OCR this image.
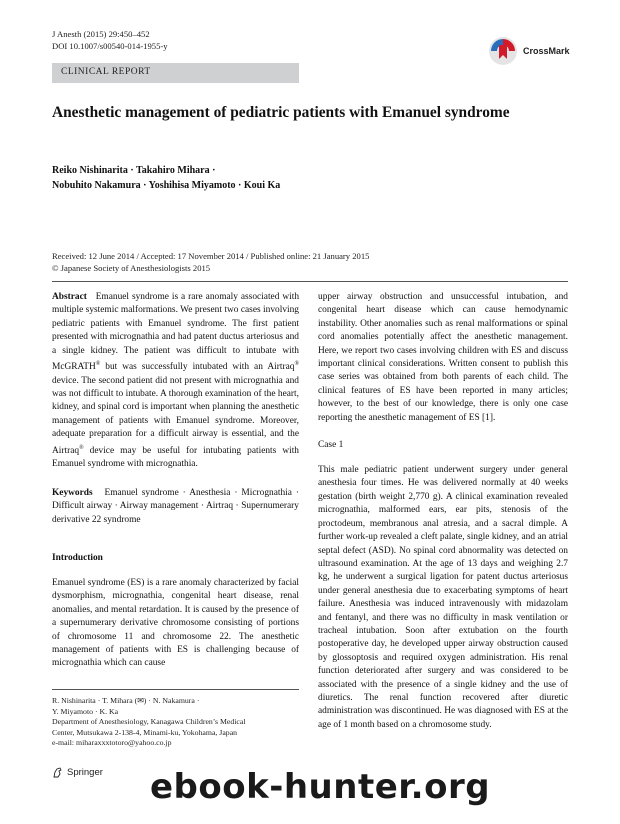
J Anesth (2015) 29:450–452
DOI 10.1007/s00540-014-1955-y	CrossMark
CLINICAL REPORT
Anesthetic management of pediatric patients with Emanuel syndrome
Reiko Nishinarita · Takahiro Mihara ·
Nobuhito Nakamura · Yoshihisa Miyamoto · Koui Ka
Received: 12 June 2014 / Accepted: 17 November 2014 / Published online: 21 January 2015
© Japanese Society of Anesthesiologists 2015

Abstract Emanuel syndrome is a rare anomaly associated with multiple systemic malformations. We present two cases involving pediatric patients with Emanuel syndrome. The first patient presented with micrognathia and had patent ductus arteriosus and a single kidney. The patient was difficult to intubate with McGRATH® but was successfully intubated with an Airtraq® device. The second patient did not present with micrognathia and was not difficult to intubate. A thorough examination of the heart, kidney, and spinal cord is important when planning the anesthetic management of patients with Emanuel syndrome. Moreover, adequate preparation for a difficult airway is essential, and the Airtraq® device may be useful for intubating patients with Emanuel syndrome with micrognathia.

Keywords Emanuel syndrome · Anesthesia · Micrognathia · Difficult airway · Airway management · Airtraq · Supernumerary derivative 22 syndrome

Introduction

Emanuel syndrome (ES) is a rare anomaly characterized by facial dysmorphism, micrognathia, congenital heart disease, renal anomalies, and mental retardation. It is caused by the presence of a supernumerary derivative chromosome consisting of portions of chromosome 11 and chromosome 22. The anesthetic management of patients with ES is challenging because of micrognathia which can cause

R. Nishinarita · T. Mihara (✉) · N. Nakamura ·
Y. Miyamoto · K. Ka
Department of Anesthesiology, Kanagawa Children’s Medical
Center, Mutsukawa 2-138-4, Minami-ku, Yokohama, Japan
e-mail: miharaxxxtotoro@yahoo.co.jp

upper airway obstruction and unsuccessful intubation, and congenital heart disease which can cause hemodynamic instability. Other anomalies such as renal malformations or spinal cord anomalies potentially affect the anesthetic management. Here, we report two cases involving children with ES and discuss important clinical considerations. Written consent to publish this case series was obtained from both parents of each child. The clinical features of ES have been reported in many articles; however, to the best of our knowledge, there is only one case reporting the anesthetic management of ES [1].

Case 1

This male pediatric patient underwent surgery under general anesthesia four times. He was delivered normally at 40 weeks gestation (birth weight 2,770 g). A clinical examination revealed micrognathia, malformed ears, ear pits, stenosis of the proctodeum, membranous anal atresia, and a sacral dimple. A further work-up revealed a cleft palate, single kidney, and an atrial septal defect (ASD). No spinal cord abnormality was detected on ultrasound examination. At the age of 13 days and weighing 2.7 kg, he underwent a surgical ligation for patent ductus arteriosus under general anesthesia due to exacerbating symptoms of heart failure. Anesthesia was induced intravenously with midazolam and fentanyl, and there was no difficulty in mask ventilation or tracheal intubation. Soon after extubation on the fourth postoperative day, he developed upper airway obstruction caused by glossoptosis and required oxygen administration. His renal function deteriorated after surgery and was considered to be associated with the presence of a single kidney and the use of diuretics. The renal function recovered after diuretic administration was discontinued. He was diagnosed with ES at the age of 1 month based on a chromosome study.

Springer ebook-hunter.org
